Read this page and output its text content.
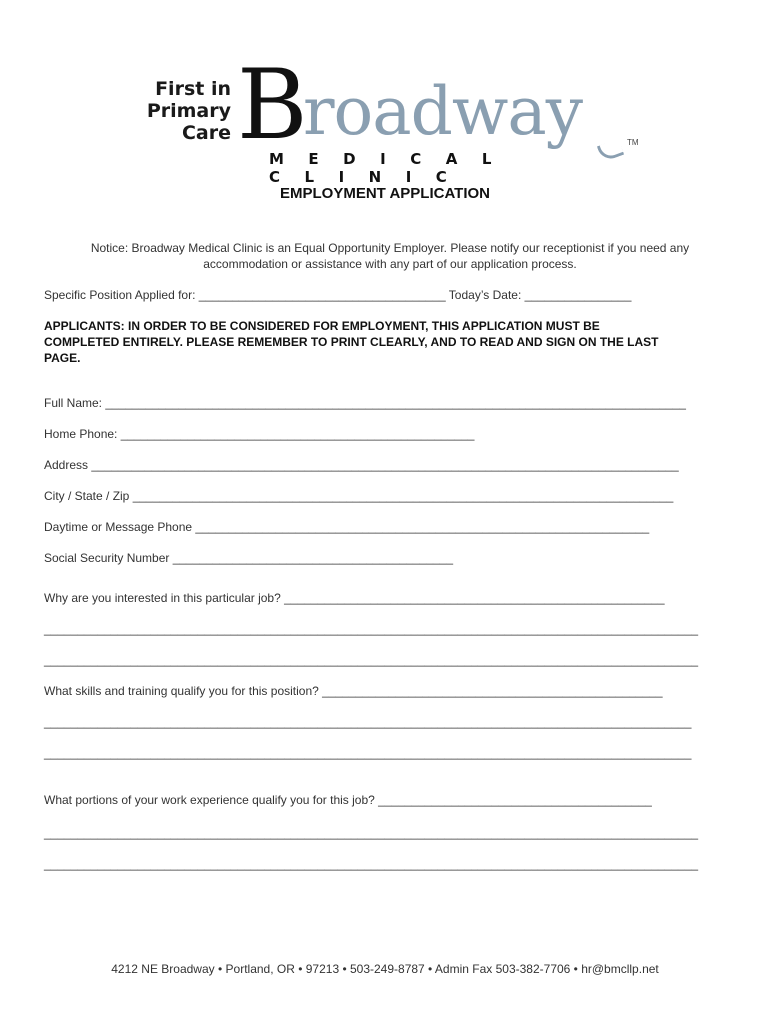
First in
Primary
Care B
roadway	TM
MEDICAL CLINIC
EMPLOYMENT APPLICATION
Notice: Broadway Medical Clinic is an Equal Opportunity Employer. Please notify our receptionist if you need any accommodation or assistance with any part of our application process.
Specific Position Applied for: _____________________________________ Today’s Date: ________________
APPLICANTS: IN ORDER TO BE CONSIDERED FOR EMPLOYMENT, THIS APPLICATION MUST BE COMPLETED ENTIRELY. PLEASE REMEMBER TO PRINT CLEARLY, AND TO READ AND SIGN ON THE LAST PAGE.
Full Name: _______________________________________________________________________________________
Home Phone: _____________________________________________________
Address ________________________________________________________________________________________
City / State / Zip _________________________________________________________________________________
Daytime or Message Phone ____________________________________________________________________
Social Security Number __________________________________________
Why are you interested in this particular job? _________________________________________________________
__________________________________________________________________________________________________
__________________________________________________________________________________________________
What skills and training qualify you for this position? ___________________________________________________
_________________________________________________________________________________________________
_________________________________________________________________________________________________
What portions of your work experience qualify you for this job? _________________________________________
__________________________________________________________________________________________________
__________________________________________________________________________________________________
4212 NE Broadway • Portland, OR • 97213 • 503-249-8787 • Admin Fax 503-382-7706 • hr@bmcllp.net
